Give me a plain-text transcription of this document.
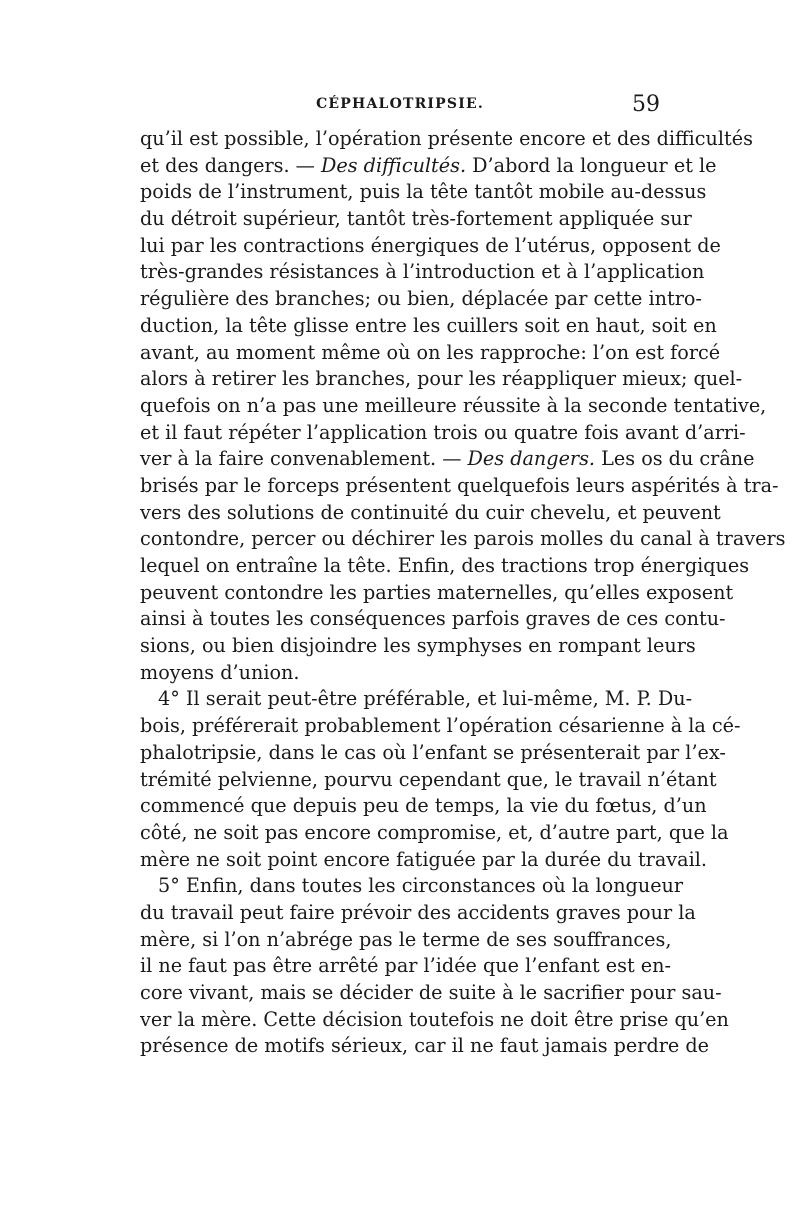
CÉPHALOTRIPSIE.	59
qu’il est possible, l’opération présente encore et des difficultés
et des dangers. — Des difficultés. D’abord la longueur et le
poids de l’instrument, puis la tête tantôt mobile au-dessus
du détroit supérieur, tantôt très-fortement appliquée sur
lui par les contractions énergiques de l’utérus, opposent de
très-grandes résistances à l’introduction et à l’application
régulière des branches; ou bien, déplacée par cette intro-
duction, la tête glisse entre les cuillers soit en haut, soit en
avant, au moment même où on les rapproche: l’on est forcé
alors à retirer les branches, pour les réappliquer mieux; quel-
quefois on n’a pas une meilleure réussite à la seconde tentative,
et il faut répéter l’application trois ou quatre fois avant d’arri-
ver à la faire convenablement. — Des dangers. Les os du crâne
brisés par le forceps présentent quelquefois leurs aspérités à tra-
vers des solutions de continuité du cuir chevelu, et peuvent
contondre, percer ou déchirer les parois molles du canal à travers
lequel on entraîne la tête. Enfin, des tractions trop énergiques
peuvent contondre les parties maternelles, qu’elles exposent
ainsi à toutes les conséquences parfois graves de ces contu-
sions, ou bien disjoindre les symphyses en rompant leurs
moyens d’union.
4° Il serait peut-être préférable, et lui-même, M. P. Du-
bois, préférerait probablement l’opération césarienne à la cé-
phalotripsie, dans le cas où l’enfant se présenterait par l’ex-
trémité pelvienne, pourvu cependant que, le travail n’étant
commencé que depuis peu de temps, la vie du fœtus, d’un
côté, ne soit pas encore compromise, et, d’autre part, que la
mère ne soit point encore fatiguée par la durée du travail.
5° Enfin, dans toutes les circonstances où la longueur
du travail peut faire prévoir des accidents graves pour la
mère, si l’on n’abrége pas le terme de ses souffrances,
il ne faut pas être arrêté par l’idée que l’enfant est en-
core vivant, mais se décider de suite à le sacrifier pour sau-
ver la mère. Cette décision toutefois ne doit être prise qu’en
présence de motifs sérieux, car il ne faut jamais perdre de
